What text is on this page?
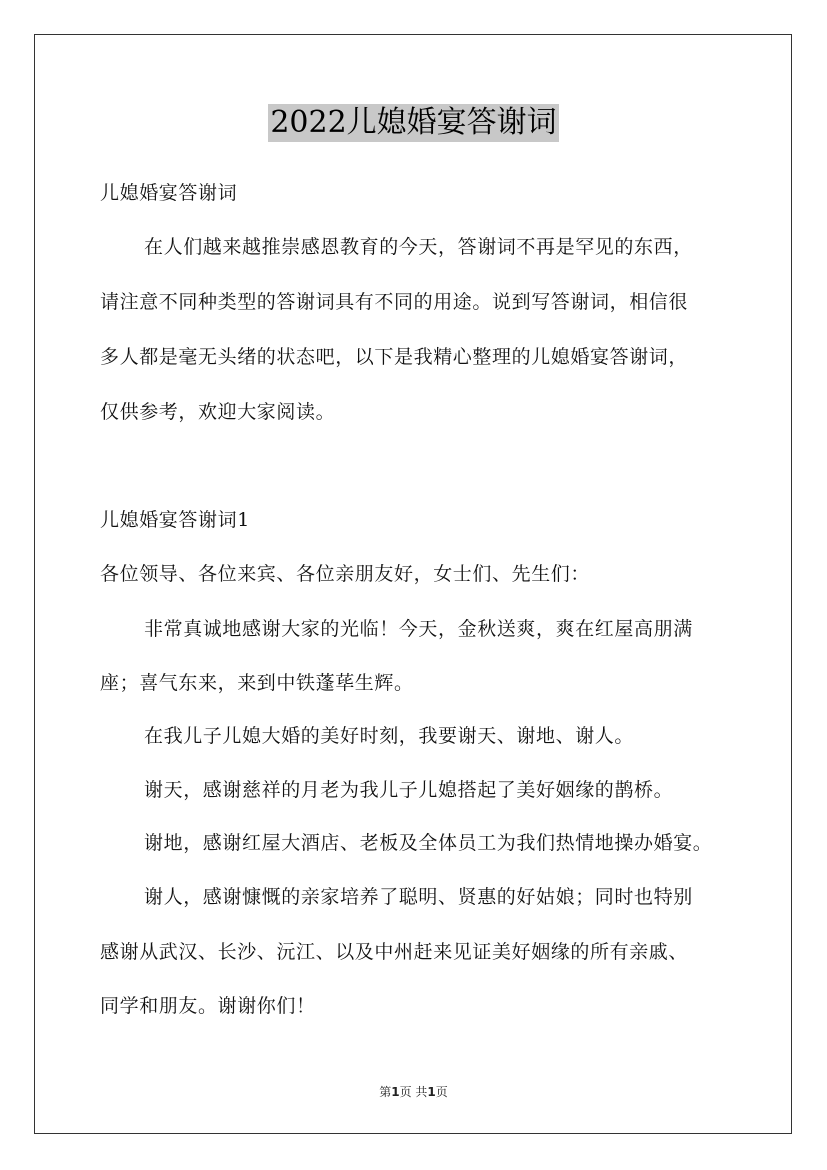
2022儿媳婚宴答谢词
儿媳婚宴答谢词
在人们越来越推崇感恩教育的今天，答谢词不再是罕见的东西，
请注意不同种类型的答谢词具有不同的用途。说到写答谢词，相信很
多人都是毫无头绪的状态吧，以下是我精心整理的儿媳婚宴答谢词，
仅供参考，欢迎大家阅读。
儿媳婚宴答谢词1
各位领导、各位来宾、各位亲朋友好，女士们、先生们：
非常真诚地感谢大家的光临！今天，金秋送爽，爽在红屋高朋满
座；喜气东来，来到中铁蓬荜生辉。
在我儿子儿媳大婚的美好时刻，我要谢天、谢地、谢人。
谢天，感谢慈祥的月老为我儿子儿媳搭起了美好姻缘的鹊桥。
谢地，感谢红屋大酒店、老板及全体员工为我们热情地操办婚宴。
谢人，感谢慷慨的亲家培养了聪明、贤惠的好姑娘；同时也特别
感谢从武汉、长沙、沅江、以及中州赶来见证美好姻缘的所有亲戚、
同学和朋友。谢谢你们！
第1页 共1页
